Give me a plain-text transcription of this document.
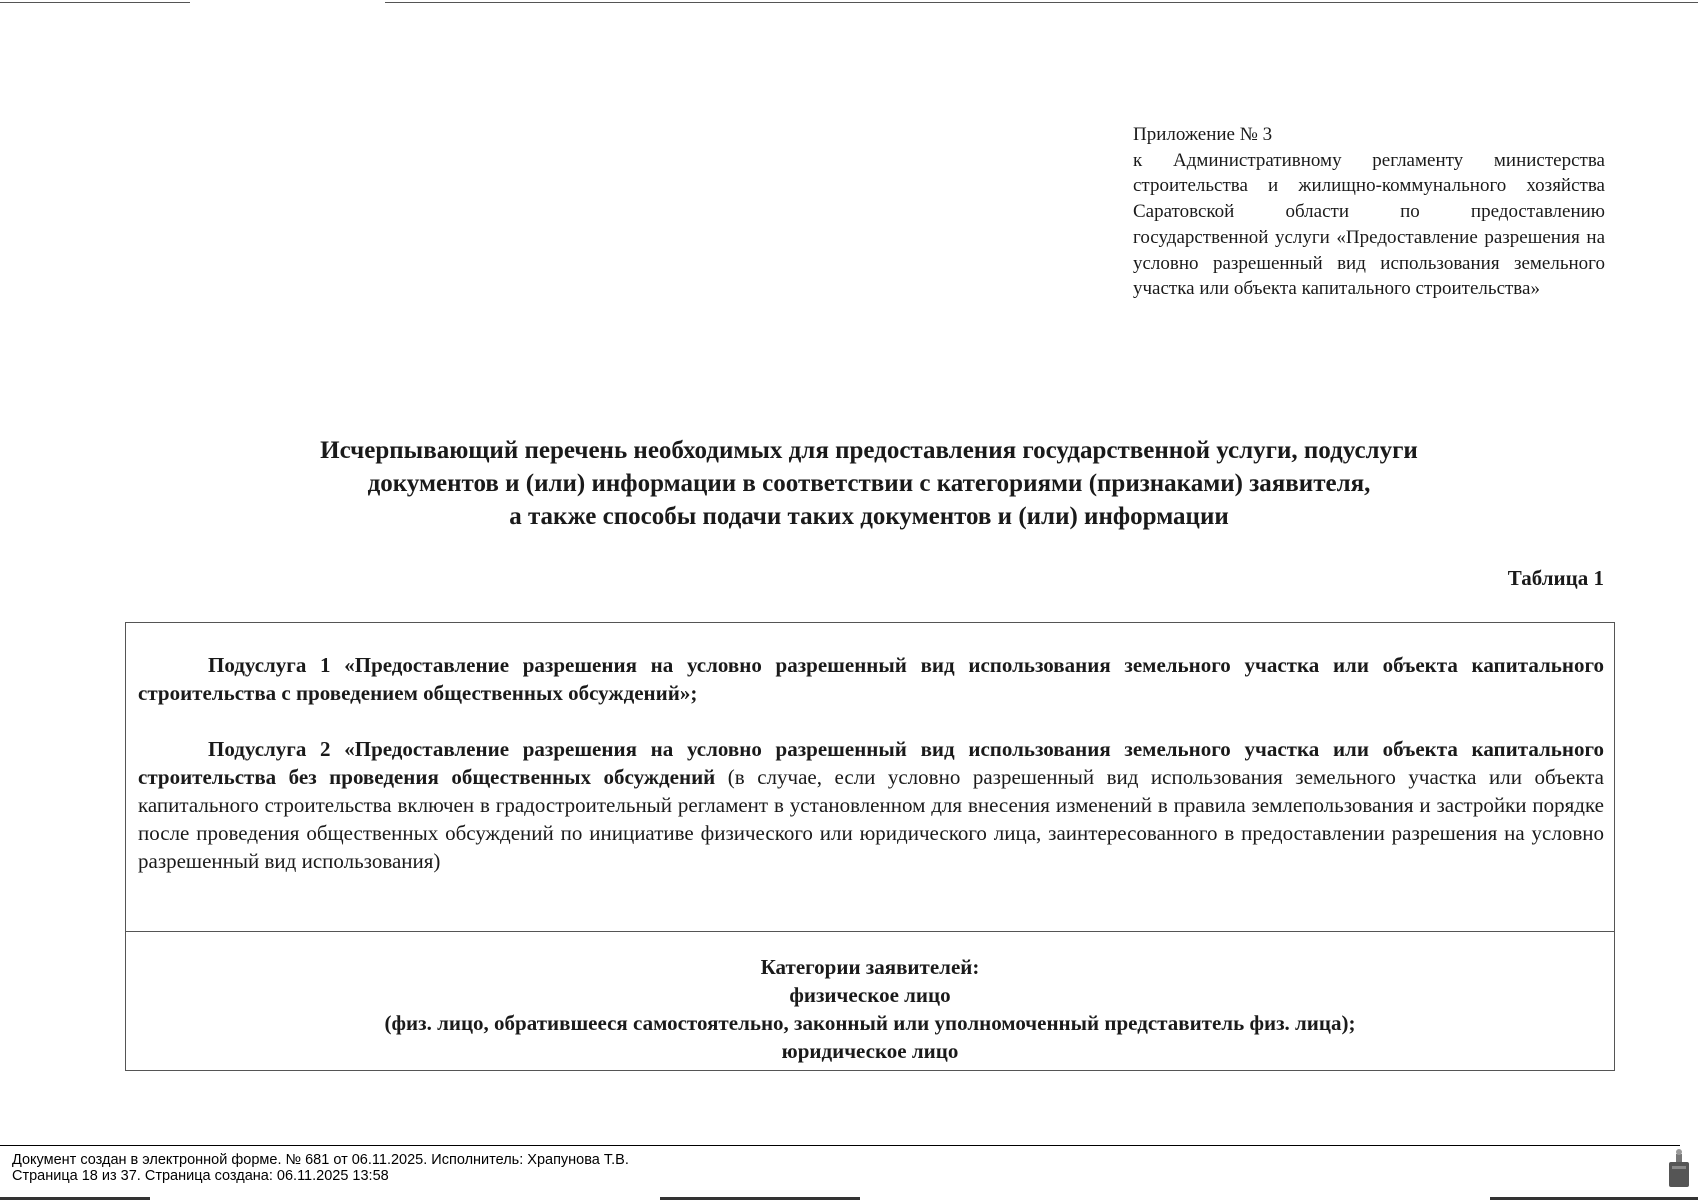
Приложение № 3
к Административному регламенту министерства строительства и жилищно-коммунального хозяйства Саратовской области по предоставлению государственной услуги «Предоставление разрешения на условно разрешенный вид использования земельного участка или объекта капитального строительства»
Исчерпывающий перечень необходимых для предоставления государственной услуги, подуслуги
документов и (или) информации в соответствии с категориями (признаками) заявителя,
а также способы подачи таких документов и (или) информации
Таблица 1
Подуслуга 1 «Предоставление разрешения на условно разрешенный вид использования земельного участка или объекта капитального строительства с проведением общественных обсуждений»;
Подуслуга 2 «Предоставление разрешения на условно разрешенный вид использования земельного участка или объекта капитального строительства без проведения общественных обсуждений (в случае, если условно разрешенный вид использования земельного участка или объекта капитального строительства включен в градостроительный регламент в установленном для внесения изменений в правила землепользования и застройки порядке после проведения общественных обсуждений по инициативе физического или юридического лица, заинтересованного в предоставлении разрешения на условно разрешенный вид использования)
Категории заявителей:
физическое лицо
(физ. лицо, обратившееся самостоятельно, законный или уполномоченный представитель физ. лица);
юридическое лицо
Документ создан в электронной форме. № 681 от 06.11.2025. Исполнитель: Храпунова Т.В.
Страница 18 из 37. Страница создана: 06.11.2025 13:58
